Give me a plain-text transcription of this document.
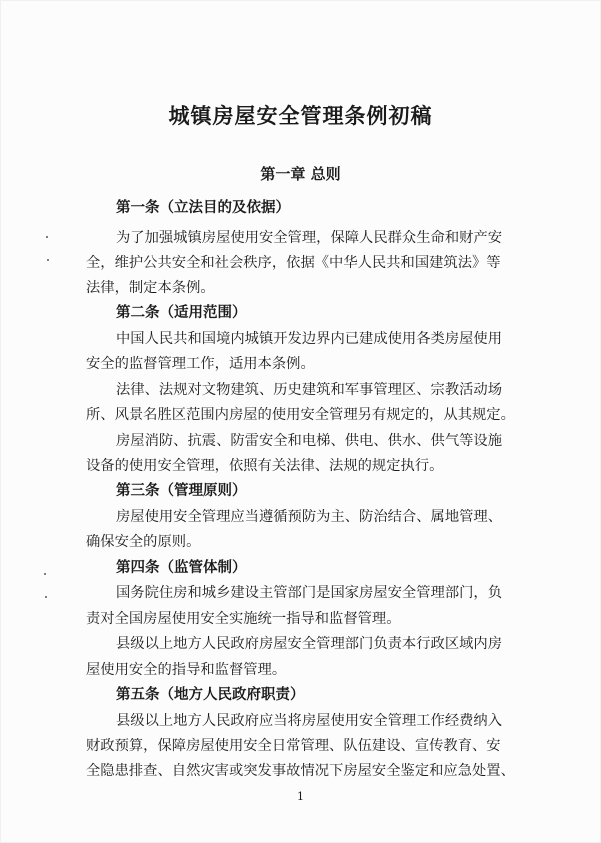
城镇房屋安全管理条例初稿
第一章 总则
第一条（立法目的及依据）
为了加强城镇房屋使用安全管理，保障人民群众生命和财产安
全，维护公共安全和社会秩序，依据《中华人民共和国建筑法》等
法律，制定本条例。
第二条（适用范围）
中国人民共和国境内城镇开发边界内已建成使用各类房屋使用
安全的监督管理工作，适用本条例。
法律、法规对文物建筑、历史建筑和军事管理区、宗教活动场
所、风景名胜区范围内房屋的使用安全管理另有规定的，从其规定。
房屋消防、抗震、防雷安全和电梯、供电、供水、供气等设施
设备的使用安全管理，依照有关法律、法规的规定执行。
第三条（管理原则）
房屋使用安全管理应当遵循预防为主、防治结合、属地管理、
确保安全的原则。
第四条（监管体制）
国务院住房和城乡建设主管部门是国家房屋安全管理部门，负
责对全国房屋使用安全实施统一指导和监督管理。
县级以上地方人民政府房屋安全管理部门负责本行政区域内房
屋使用安全的指导和监督管理。
第五条（地方人民政府职责）
县级以上地方人民政府应当将房屋使用安全管理工作经费纳入
财政预算，保障房屋使用安全日常管理、队伍建设、宣传教育、安
全隐患排查、自然灾害或突发事故情况下房屋安全鉴定和应急处置、
1
